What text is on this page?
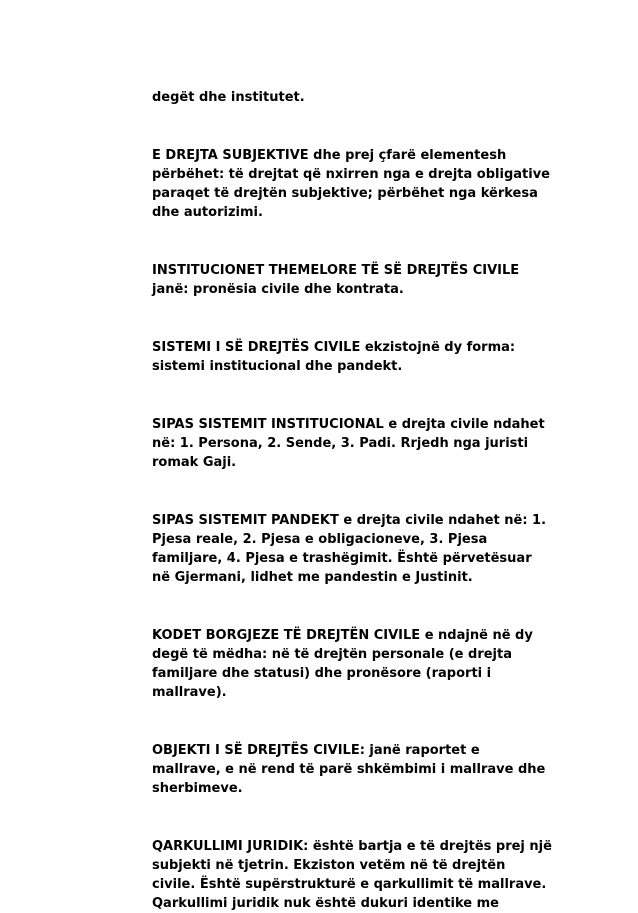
degët dhe institutet.

E DREJTA SUBJEKTIVE dhe prej çfarë elementesh përbëhet: të drejtat që nxirren nga e drejta obligative paraqet të drejtën subjektive; përbëhet nga kërkesa dhe autorizimi.

INSTITUCIONET THEMELORE TË SË DREJTËS CIVILE janë: pronësia civile dhe kontrata.

SISTEMI I SË DREJTËS CIVILE ekzistojnë dy forma: sistemi institucional dhe pandekt.

SIPAS SISTEMIT INSTITUCIONAL e drejta civile ndahet në: 1. Persona, 2. Sende, 3. Padi. Rrjedh nga juristi romak Gaji.

SIPAS SISTEMIT PANDEKT e drejta civile ndahet në: 1. Pjesa reale, 2. Pjesa e obligacioneve, 3. Pjesa familjare, 4. Pjesa e trashëgimit. Është përvetësuar në Gjermani, lidhet me pandestin e Justinit.

KODET BORGJEZE TË DREJTËN CIVILE e ndajnë në dy degë të mëdha: në të drejtën personale (e drejta familjare dhe statusi) dhe pronësore (raporti i mallrave).

OBJEKTI I SË DREJTËS CIVILE: janë raportet e mallrave, e në rend të parë shkëmbimi i mallrave dhe sherbimeve.

QARKULLIMI JURIDIK: është bartja e të drejtës prej një subjekti në tjetrin. Ekziston vetëm në të drejtën civile. Është supërstrukturë e qarkullimit të mallrave. Qarkullimi juridik nuk është dukuri identike me
